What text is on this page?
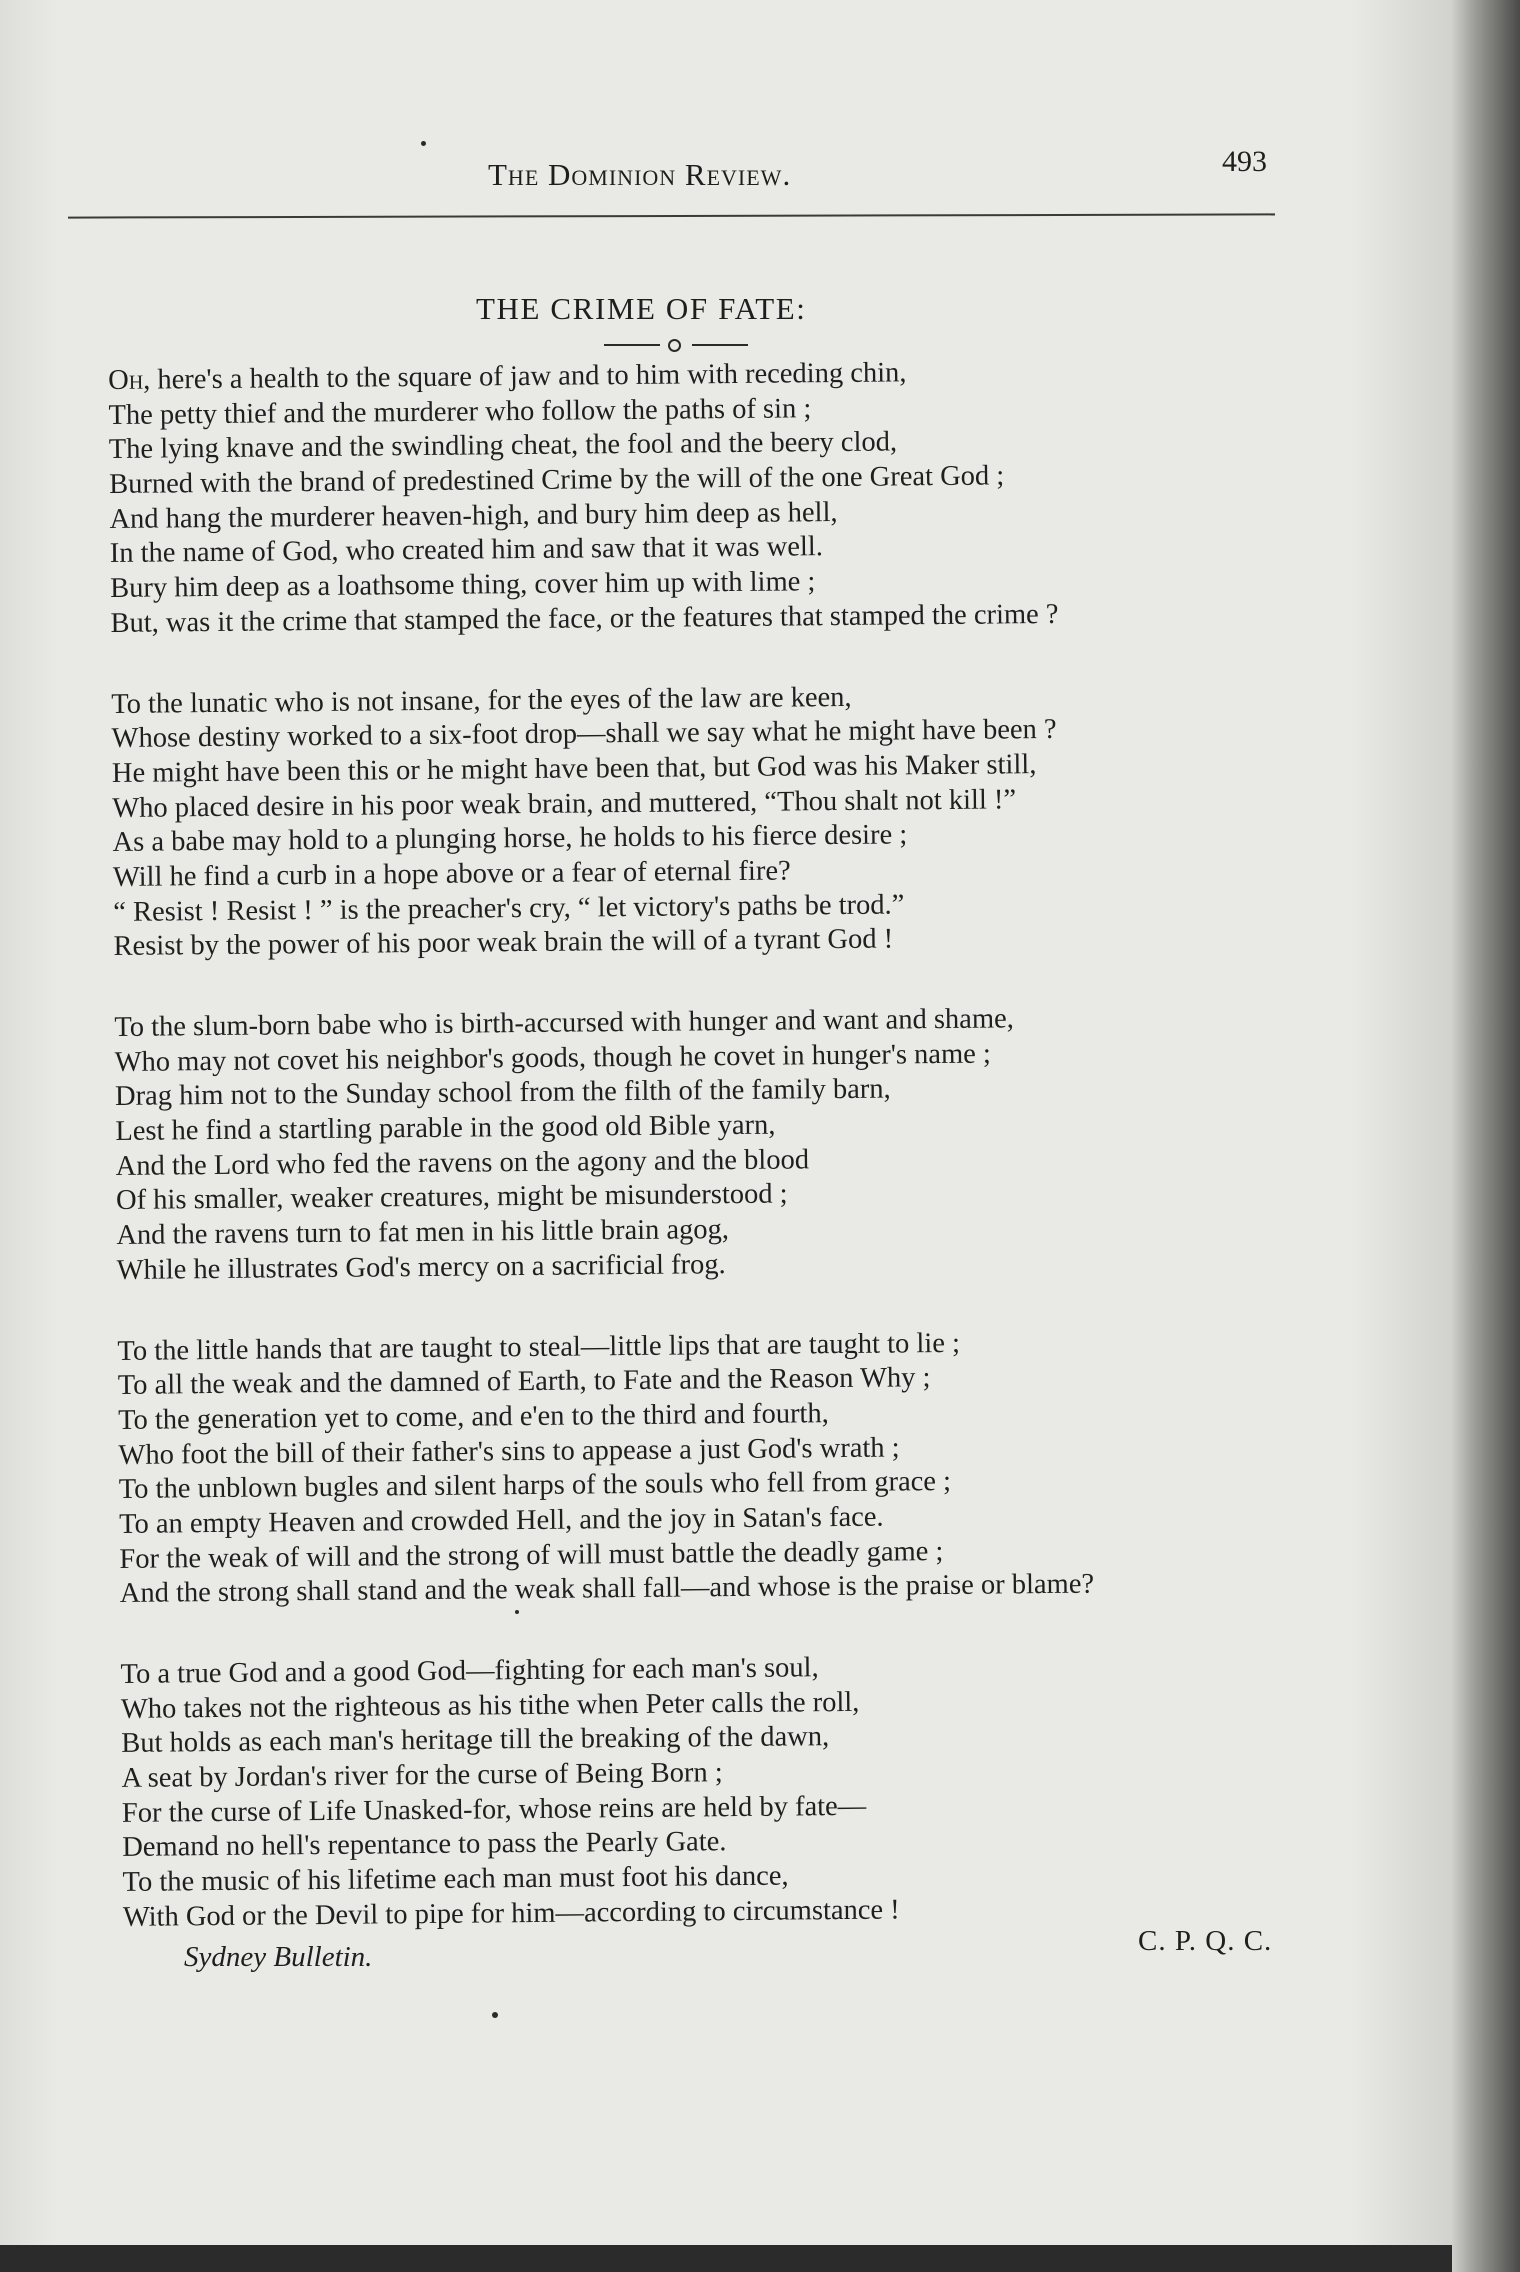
The Dominion Review.	493
THE CRIME OF FATE:
Oh, here's a health to the square of jaw and to him with receding chin,
The petty thief and the murderer who follow the paths of sin ;
The lying knave and the swindling cheat, the fool and the beery clod,
Burned with the brand of predestined Crime by the will of the one Great God ;
And hang the murderer heaven-high, and bury him deep as hell,
In the name of God, who created him and saw that it was well.
Bury him deep as a loathsome thing, cover him up with lime ;
But, was it the crime that stamped the face, or the features that stamped the crime ?
To the lunatic who is not insane, for the eyes of the law are keen,
Whose destiny worked to a six-foot drop—shall we say what he might have been ?
He might have been this or he might have been that, but God was his Maker still,
Who placed desire in his poor weak brain, and muttered, “Thou shalt not kill !”
As a babe may hold to a plunging horse, he holds to his fierce desire ;
Will he find a curb in a hope above or a fear of eternal fire?
“ Resist ! Resist ! ” is the preacher's cry, “ let victory's paths be trod.”
Resist by the power of his poor weak brain the will of a tyrant God !
To the slum-born babe who is birth-accursed with hunger and want and shame,
Who may not covet his neighbor's goods, though he covet in hunger's name ;
Drag him not to the Sunday school from the filth of the family barn,
Lest he find a startling parable in the good old Bible yarn,
And the Lord who fed the ravens on the agony and the blood
Of his smaller, weaker creatures, might be misunderstood ;
And the ravens turn to fat men in his little brain agog,
While he illustrates God's mercy on a sacrificial frog.
To the little hands that are taught to steal—little lips that are taught to lie ;
To all the weak and the damned of Earth, to Fate and the Reason Why ;
To the generation yet to come, and e'en to the third and fourth,
Who foot the bill of their father's sins to appease a just God's wrath ;
To the unblown bugles and silent harps of the souls who fell from grace ;
To an empty Heaven and crowded Hell, and the joy in Satan's face.
For the weak of will and the strong of will must battle the deadly game ;
And the strong shall stand and the weak shall fall—and whose is the praise or blame?
To a true God and a good God—fighting for each man's soul,
Who takes not the righteous as his tithe when Peter calls the roll,
But holds as each man's heritage till the breaking of the dawn,
A seat by Jordan's river for the curse of Being Born ;
For the curse of Life Unasked-for, whose reins are held by fate—
Demand no hell's repentance to pass the Pearly Gate.
To the music of his lifetime each man must foot his dance,
With God or the Devil to pipe for him—according to circumstance !
Sydney Bulletin.	C. P. Q. C.
